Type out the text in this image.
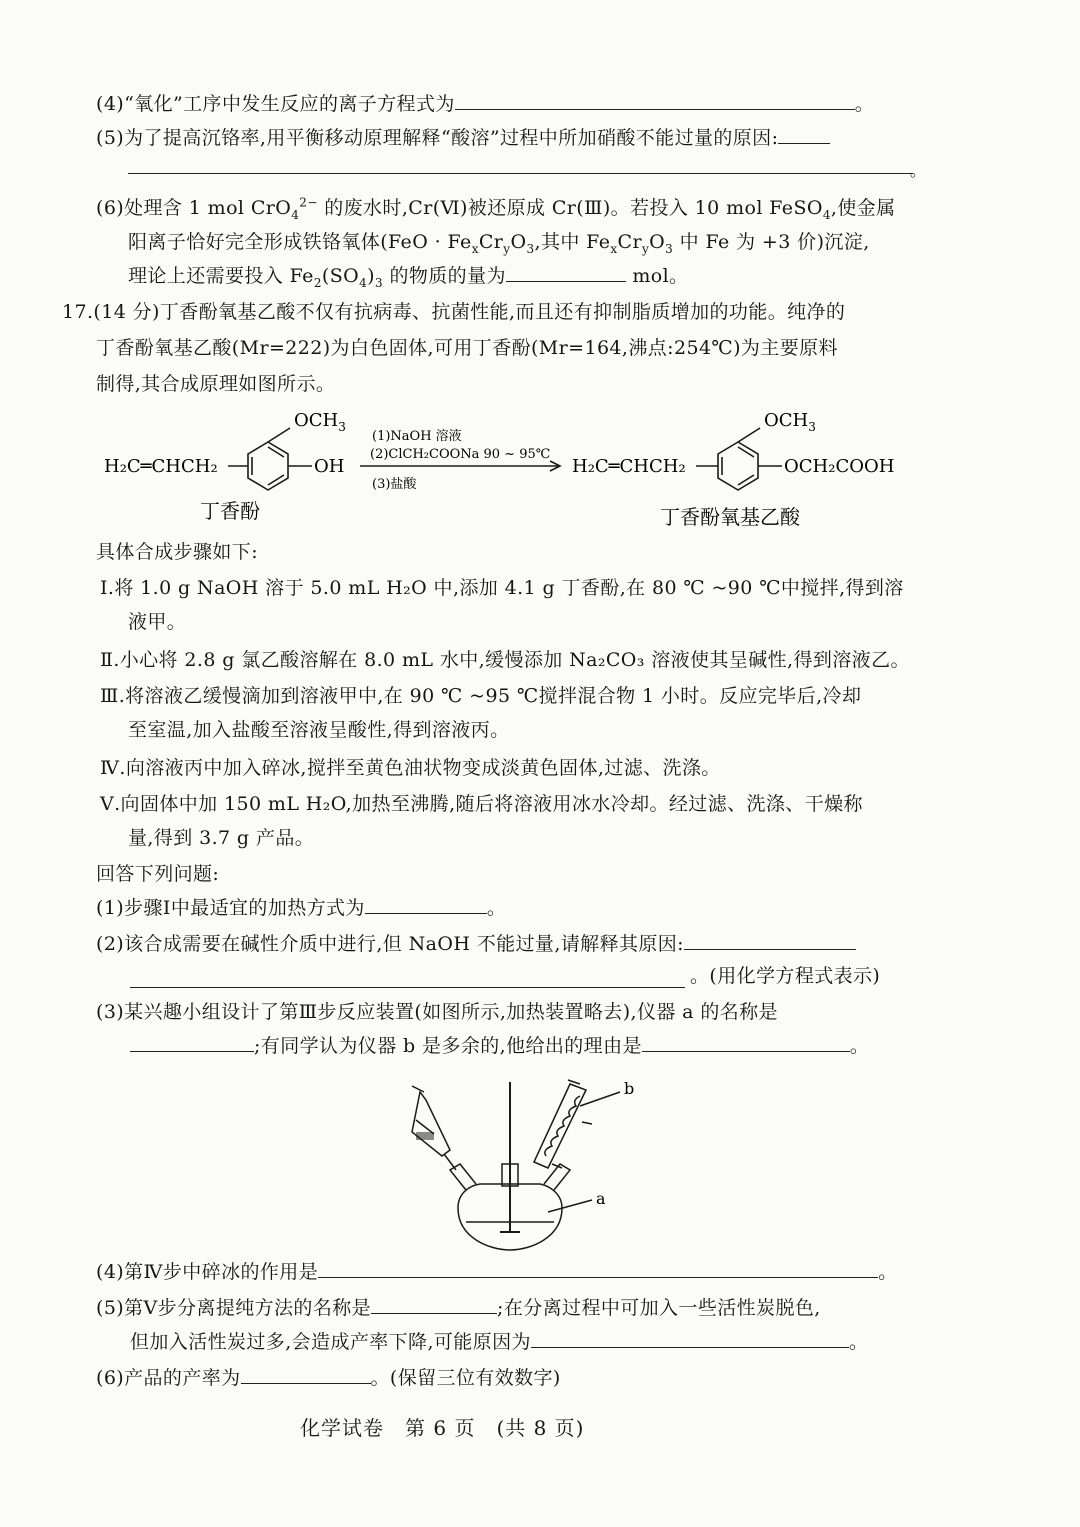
(4)“氧化”工序中发生反应的离子方程式为	。
(5)为了提高沉铬率,用平衡移动原理解释“酸溶”过程中所加硝酸不能过量的原因:
。
(6)处理含 1 mol CrO$_4^{2-}$ 的废水时,Cr(Ⅵ)被还原成 Cr(Ⅲ)。若投入 10 mol FeSO$_4$,使金属
阳离子恰好完全形成铁铬氧体($FeO \cdot Fe_xCr_yO_3$,其中 $Fe_xCr_yO_3$ 中 Fe 为 +3 价)沉淀,
理论上还需要投入 $Fe_2(SO_4)_3$ 的物质的量为	mol。
17.(14 分)丁香酚氧基乙酸不仅有抗病毒、抗菌性能,而且还有抑制脂质增加的功能。纯净的
丁香酚氧基乙酸(Mr=222)为白色固体,可用丁香酚(Mr=164,沸点:254℃)为主要原料
制得,其合成原理如图所示。
$OCH_3$
H₂C═CHCH₂	OH
(1)NaOH 溶液
(2)ClCH₂COONa 90 ~ 95℃
(3)盐酸
$OCH_3$
H₂C═CHCH₂	OCH₂COOH
丁香酚	丁香酚氧基乙酸
具体合成步骤如下:
Ⅰ.将 1.0 g NaOH 溶于 5.0 mL H₂O 中,添加 4.1 g 丁香酚,在 80 ℃ ~90 ℃中搅拌,得到溶
液甲。
Ⅱ.小心将 2.8 g 氯乙酸溶解在 8.0 mL 水中,缓慢添加 Na₂CO₃ 溶液使其呈碱性,得到溶液乙。
Ⅲ.将溶液乙缓慢滴加到溶液甲中,在 90 ℃ ~95 ℃搅拌混合物 1 小时。反应完毕后,冷却
至室温,加入盐酸至溶液呈酸性,得到溶液丙。
Ⅳ.向溶液丙中加入碎冰,搅拌至黄色油状物变成淡黄色固体,过滤、洗涤。
Ⅴ.向固体中加 150 mL H₂O,加热至沸腾,随后将溶液用冰水冷却。经过滤、洗涤、干燥称
量,得到 3.7 g 产品。
回答下列问题:
(1)步骤Ⅰ中最适宜的加热方式为	。
(2)该合成需要在碱性介质中进行,但 NaOH 不能过量,请解释其原因:
。(用化学方程式表示)
(3)某兴趣小组设计了第Ⅲ步反应装置(如图所示,加热装置略去),仪器 a 的名称是
;有同学认为仪器 b 是多余的,他给出的理由是	。
b
a
(4)第Ⅳ步中碎冰的作用是	。
(5)第Ⅴ步分离提纯方法的名称是	;在分离过程中可加入一些活性炭脱色,
但加入活性炭过多,会造成产率下降,可能原因为	。
(6)产品的产率为	。(保留三位有效数字)
化学试卷　第 6 页　(共 8 页)
